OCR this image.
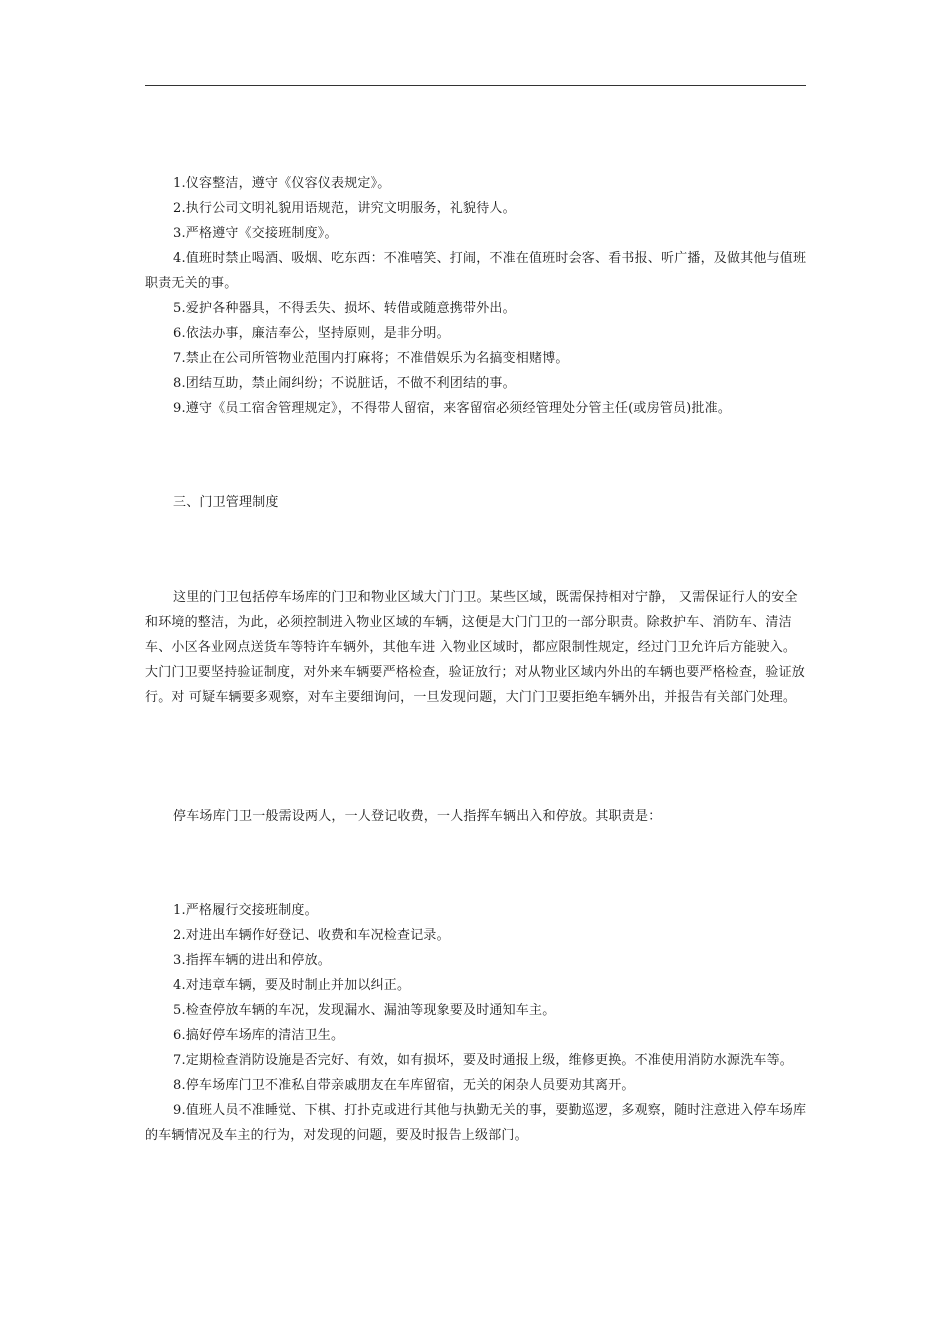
1.仪容整洁，遵守《仪容仪表规定》。
2.执行公司文明礼貌用语规范，讲究文明服务，礼貌待人。
3.严格遵守《交接班制度》。
4.值班时禁止喝酒、吸烟、吃东西：不准嘻笑、打闹，不准在值班时会客、看书报、听广播，及做其他与值班职责无关的事。
5.爱护各种器具，不得丢失、损坏、转借或随意携带外出。
6.依法办事，廉洁奉公，坚持原则，是非分明。
7.禁止在公司所管物业范围内打麻将；不准借娱乐为名搞变相赌博。
8.团结互助，禁止闹纠纷；不说脏话，不做不利团结的事。
9.遵守《员工宿舍管理规定》，不得带人留宿，来客留宿必须经管理处分管主任(或房管员)批准。
三、门卫管理制度
这里的门卫包括停车场库的门卫和物业区域大门门卫。某些区域，既需保持相对宁静， 又需保证行人的安全和环境的整洁，为此，必须控制进入物业区域的车辆，这便是大门门卫的一部分职责。除救护车、消防车、清洁车、小区各业网点送货车等特许车辆外，其他车进 入物业区域时，都应限制性规定，经过门卫允许后方能驶入。大门门卫要坚持验证制度，对外来车辆要严格检查，验证放行；对从物业区域内外出的车辆也要严格检查，验证放行。对 可疑车辆要多观察，对车主要细询问，一旦发现问题，大门门卫要拒绝车辆外出，并报告有关部门处理。
停车场库门卫一般需设两人，一人登记收费，一人指挥车辆出入和停放。其职责是：
1.严格履行交接班制度。
2.对进出车辆作好登记、收费和车况检查记录。
3.指挥车辆的进出和停放。
4.对违章车辆，要及时制止并加以纠正。
5.检查停放车辆的车况，发现漏水、漏油等现象要及时通知车主。
6.搞好停车场库的清洁卫生。
7.定期检查消防设施是否完好、有效，如有损坏，要及时通报上级，维修更换。不准使用消防水源洗车等。
8.停车场库门卫不准私自带亲戚朋友在车库留宿，无关的闲杂人员要劝其离开。
9.值班人员不准睡觉、下棋、打扑克或进行其他与执勤无关的事，要勤巡逻，多观察，随时注意进入停车场库的车辆情况及车主的行为，对发现的问题，要及时报告上级部门。
